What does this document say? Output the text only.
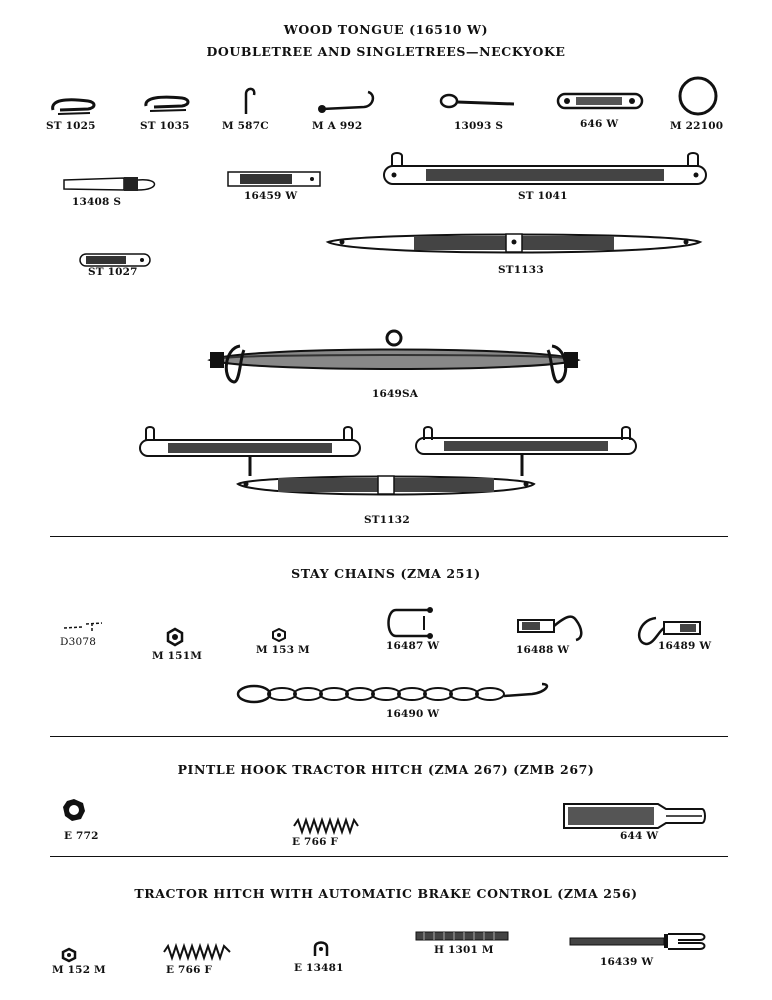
WOOD TONGUE (16510 W)
DOUBLETREE AND SINGLETREES—NECKYOKE
ST 1025	ST 1035	M 587C	M A 992	13093 S	646 W	M 22100
13408 S	16459 W	ST 1041
ST 1027	ST1133
1649SA
ST1132
STAY CHAINS (ZMA 251)
D3078
M 151M	M 153 M	16487 W	16488 W	16489 W
16490 W
PINTLE HOOK TRACTOR HITCH (ZMA 267) (ZMB 267)
E 772	E 766 F	644 W
TRACTOR HITCH WITH AUTOMATIC BRAKE CONTROL (ZMA 256)
M 152 M	E 766 F	E 13481
H 1301 M
16439 W
